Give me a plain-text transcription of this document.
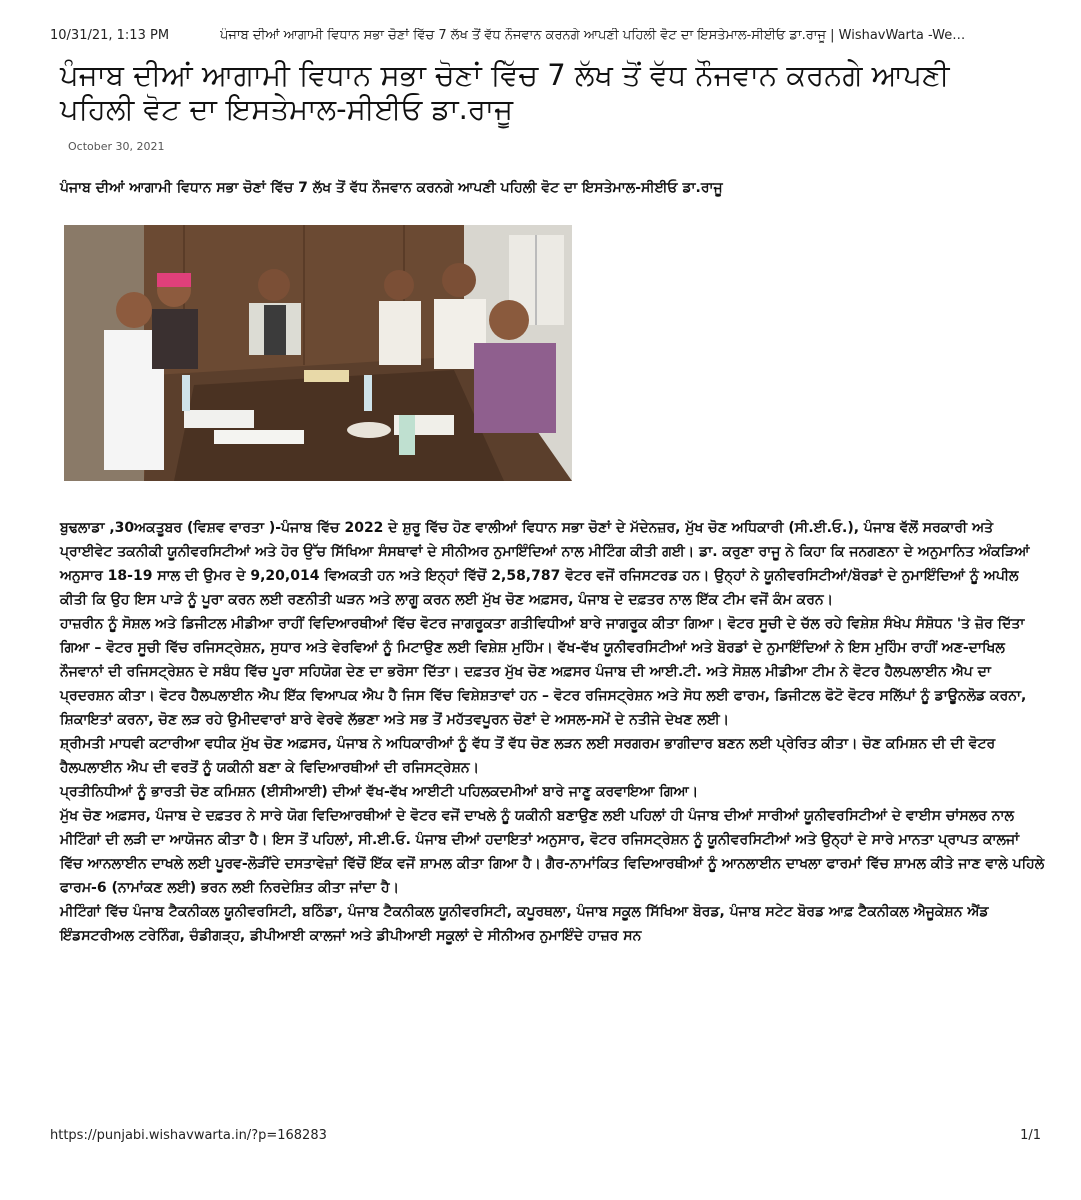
10/31/21, 1:13 PM	ਪੰਜਾਬ ਦੀਆਂ ਆਗਾਮੀ ਵਿਧਾਨ ਸਭਾ ਚੋਣਾਂ ਵਿੱਚ 7 ਲੱਖ ਤੋਂ ਵੱਧ ਨੌਜਵਾਨ ਕਰਨਗੇ ਆਪਣੀ ਪਹਿਲੀ ਵੋਟ ਦਾ ਇਸਤੇਮਾਲ-ਸੀਈਓ ਡਾ.ਰਾਜੂ | WishavWarta -We…
ਪੰਜਾਬ ਦੀਆਂ ਆਗਾਮੀ ਵਿਧਾਨ ਸਭਾ ਚੋਣਾਂ ਵਿੱਚ 7 ਲੱਖ ਤੋਂ ਵੱਧ ਨੌਜਵਾਨ ਕਰਨਗੇ ਆਪਣੀ ਪਹਿਲੀ ਵੋਟ ਦਾ ਇਸਤੇਮਾਲ-ਸੀਈਓ ਡਾ.ਰਾਜੂ
October 30, 2021
ਪੰਜਾਬ ਦੀਆਂ ਆਗਾਮੀ ਵਿਧਾਨ ਸਭਾ ਚੋਣਾਂ ਵਿੱਚ 7 ਲੱਖ ਤੋਂ ਵੱਧ ਨੌਜਵਾਨ ਕਰਨਗੇ ਆਪਣੀ ਪਹਿਲੀ ਵੋਟ ਦਾ ਇਸਤੇਮਾਲ-ਸੀਈਓ ਡਾ.ਰਾਜੂ

ਬੁਢਲਾਡਾ ,30ਅਕਤੂਬਰ (ਵਿਸ਼ਵ ਵਾਰਤਾ )-ਪੰਜਾਬ ਵਿੱਚ 2022 ਦੇ ਸ਼ੁਰੂ ਵਿੱਚ ਹੋਣ ਵਾਲੀਆਂ ਵਿਧਾਨ ਸਭਾ ਚੋਣਾਂ ਦੇ ਮੱਦੇਨਜ਼ਰ, ਮੁੱਖ ਚੋਣ ਅਧਿਕਾਰੀ (ਸੀ.ਈ.ਓ.), ਪੰਜਾਬ ਵੱਲੋਂ ਸਰਕਾਰੀ ਅਤੇ ਪ੍ਰਾਈਵੇਟ ਤਕਨੀਕੀ ਯੂਨੀਵਰਸਿਟੀਆਂ ਅਤੇ ਹੋਰ ਉੱਚ ਸਿੱਖਿਆ ਸੰਸਥਾਵਾਂ ਦੇ ਸੀਨੀਅਰ ਨੁਮਾਇੰਦਿਆਂ ਨਾਲ ਮੀਟਿੰਗ ਕੀਤੀ ਗਈ। ਡਾ. ਕਰੁਣਾ ਰਾਜੂ ਨੇ ਕਿਹਾ ਕਿ ਜਨਗਣਨਾ ਦੇ ਅਨੁਮਾਨਿਤ ਅੰਕੜਿਆਂ ਅਨੁਸਾਰ 18-19 ਸਾਲ ਦੀ ਉਮਰ ਦੇ 9,20,014 ਵਿਅਕਤੀ ਹਨ ਅਤੇ ਇਨ੍ਹਾਂ ਵਿੱਚੋਂ 2,58,787 ਵੋਟਰ ਵਜੋਂ ਰਜਿਸਟਰਡ ਹਨ। ਉਨ੍ਹਾਂ ਨੇ ਯੂਨੀਵਰਸਿਟੀਆਂ/ਬੋਰਡਾਂ ਦੇ ਨੁਮਾਇੰਦਿਆਂ ਨੂੰ ਅਪੀਲ ਕੀਤੀ ਕਿ ਉਹ ਇਸ ਪਾੜੇ ਨੂੰ ਪੂਰਾ ਕਰਨ ਲਈ ਰਣਨੀਤੀ ਘੜਨ ਅਤੇ ਲਾਗੂ ਕਰਨ ਲਈ ਮੁੱਖ ਚੋਣ ਅਫ਼ਸਰ, ਪੰਜਾਬ ਦੇ ਦਫ਼ਤਰ ਨਾਲ ਇੱਕ ਟੀਮ ਵਜੋਂ ਕੰਮ ਕਰਨ।

ਹਾਜ਼ਰੀਨ ਨੂੰ ਸੋਸ਼ਲ ਅਤੇ ਡਿਜੀਟਲ ਮੀਡੀਆ ਰਾਹੀਂ ਵਿਦਿਆਰਥੀਆਂ ਵਿੱਚ ਵੋਟਰ ਜਾਗਰੂਕਤਾ ਗਤੀਵਿਧੀਆਂ ਬਾਰੇ ਜਾਗਰੂਕ ਕੀਤਾ ਗਿਆ। ਵੋਟਰ ਸੂਚੀ ਦੇ ਚੱਲ ਰਹੇ ਵਿਸ਼ੇਸ਼ ਸੰਖੇਪ ਸੰਸ਼ੋਧਨ 'ਤੇ ਜ਼ੋਰ ਦਿੱਤਾ ਗਿਆ – ਵੋਟਰ ਸੂਚੀ ਵਿੱਚ ਰਜਿਸਟ੍ਰੇਸ਼ਨ, ਸੁਧਾਰ ਅਤੇ ਵੇਰਵਿਆਂ ਨੂੰ ਮਿਟਾਉਣ ਲਈ ਵਿਸ਼ੇਸ਼ ਮੁਹਿੰਮ। ਵੱਖ-ਵੱਖ ਯੂਨੀਵਰਸਿਟੀਆਂ ਅਤੇ ਬੋਰਡਾਂ ਦੇ ਨੁਮਾਇੰਦਿਆਂ ਨੇ ਇਸ ਮੁਹਿੰਮ ਰਾਹੀਂ ਅਣ-ਦਾਖਿਲ ਨੌਜਵਾਨਾਂ ਦੀ ਰਜਿਸਟ੍ਰੇਸ਼ਨ ਦੇ ਸਬੰਧ ਵਿੱਚ ਪੂਰਾ ਸਹਿਯੋਗ ਦੇਣ ਦਾ ਭਰੋਸਾ ਦਿੱਤਾ। ਦਫ਼ਤਰ ਮੁੱਖ ਚੋਣ ਅਫ਼ਸਰ ਪੰਜਾਬ ਦੀ ਆਈ.ਟੀ. ਅਤੇ ਸੋਸ਼ਲ ਮੀਡੀਆ ਟੀਮ ਨੇ ਵੋਟਰ ਹੈਲਪਲਾਈਨ ਐਪ ਦਾ ਪ੍ਰਦਰਸ਼ਨ ਕੀਤਾ। ਵੋਟਰ ਹੈਲਪਲਾਈਨ ਐਪ ਇੱਕ ਵਿਆਪਕ ਐਪ ਹੈ ਜਿਸ ਵਿੱਚ ਵਿਸ਼ੇਸ਼ਤਾਵਾਂ ਹਨ – ਵੋਟਰ ਰਜਿਸਟ੍ਰੇਸ਼ਨ ਅਤੇ ਸੋਧ ਲਈ ਫਾਰਮ, ਡਿਜੀਟਲ ਫੋਟੋ ਵੋਟਰ ਸਲਿੱਪਾਂ ਨੂੰ ਡਾਊਨਲੋਡ ਕਰਨਾ, ਸ਼ਿਕਾਇਤਾਂ ਕਰਨਾ, ਚੋਣ ਲੜ ਰਹੇ ਉਮੀਦਵਾਰਾਂ ਬਾਰੇ ਵੇਰਵੇ ਲੱਭਣਾ ਅਤੇ ਸਭ ਤੋਂ ਮਹੱਤਵਪੂਰਨ ਚੋਣਾਂ ਦੇ ਅਸਲ-ਸਮੇਂ ਦੇ ਨਤੀਜੇ ਦੇਖਣ ਲਈ।

ਸ਼੍ਰੀਮਤੀ ਮਾਧਵੀ ਕਟਾਰੀਆ ਵਧੀਕ ਮੁੱਖ ਚੋਣ ਅਫ਼ਸਰ, ਪੰਜਾਬ ਨੇ ਅਧਿਕਾਰੀਆਂ ਨੂੰ ਵੱਧ ਤੋਂ ਵੱਧ ਚੋਣ ਲੜਨ ਲਈ ਸਰਗਰਮ ਭਾਗੀਦਾਰ ਬਣਨ ਲਈ ਪ੍ਰੇਰਿਤ ਕੀਤਾ। ਚੋਣ ਕਮਿਸ਼ਨ ਦੀ ਦੀ ਵੋਟਰ ਹੈਲਪਲਾਈਨ ਐਪ ਦੀ ਵਰਤੋਂ ਨੂੰ ਯਕੀਨੀ ਬਣਾ ਕੇ ਵਿਦਿਆਰਥੀਆਂ ਦੀ ਰਜਿਸਟ੍ਰੇਸ਼ਨ।

ਪ੍ਰਤੀਨਿਧੀਆਂ ਨੂੰ ਭਾਰਤੀ ਚੋਣ ਕਮਿਸ਼ਨ (ਈਸੀਆਈ) ਦੀਆਂ ਵੱਖ-ਵੱਖ ਆਈਟੀ ਪਹਿਲਕਦਮੀਆਂ ਬਾਰੇ ਜਾਣੂ ਕਰਵਾਇਆ ਗਿਆ।

ਮੁੱਖ ਚੋਣ ਅਫ਼ਸਰ, ਪੰਜਾਬ ਦੇ ਦਫ਼ਤਰ ਨੇ ਸਾਰੇ ਯੋਗ ਵਿਦਿਆਰਥੀਆਂ ਦੇ ਵੋਟਰ ਵਜੋਂ ਦਾਖਲੇ ਨੂੰ ਯਕੀਨੀ ਬਣਾਉਣ ਲਈ ਪਹਿਲਾਂ ਹੀ ਪੰਜਾਬ ਦੀਆਂ ਸਾਰੀਆਂ ਯੂਨੀਵਰਸਿਟੀਆਂ ਦੇ ਵਾਈਸ ਚਾਂਸਲਰ ਨਾਲ ਮੀਟਿੰਗਾਂ ਦੀ ਲੜੀ ਦਾ ਆਯੋਜਨ ਕੀਤਾ ਹੈ। ਇਸ ਤੋਂ ਪਹਿਲਾਂ, ਸੀ.ਈ.ਓ. ਪੰਜਾਬ ਦੀਆਂ ਹਦਾਇਤਾਂ ਅਨੁਸਾਰ, ਵੋਟਰ ਰਜਿਸਟ੍ਰੇਸ਼ਨ ਨੂੰ ਯੂਨੀਵਰਸਿਟੀਆਂ ਅਤੇ ਉਨ੍ਹਾਂ ਦੇ ਸਾਰੇ ਮਾਨਤਾ ਪ੍ਰਾਪਤ ਕਾਲਜਾਂ ਵਿੱਚ ਆਨਲਾਈਨ ਦਾਖਲੇ ਲਈ ਪੂਰਵ-ਲੋੜੀਂਦੇ ਦਸਤਾਵੇਜ਼ਾਂ ਵਿੱਚੋਂ ਇੱਕ ਵਜੋਂ ਸ਼ਾਮਲ ਕੀਤਾ ਗਿਆ ਹੈ। ਗੈਰ-ਨਾਮਾਂਕਿਤ ਵਿਦਿਆਰਥੀਆਂ ਨੂੰ ਆਨਲਾਈਨ ਦਾਖਲਾ ਫਾਰਮਾਂ ਵਿੱਚ ਸ਼ਾਮਲ ਕੀਤੇ ਜਾਣ ਵਾਲੇ ਪਹਿਲੇ ਫਾਰਮ-6 (ਨਾਮਾਂਕਣ ਲਈ) ਭਰਨ ਲਈ ਨਿਰਦੇਸ਼ਿਤ ਕੀਤਾ ਜਾਂਦਾ ਹੈ।

ਮੀਟਿੰਗਾਂ ਵਿੱਚ ਪੰਜਾਬ ਟੈਕਨੀਕਲ ਯੂਨੀਵਰਸਿਟੀ, ਬਠਿੰਡਾ, ਪੰਜਾਬ ਟੈਕਨੀਕਲ ਯੂਨੀਵਰਸਿਟੀ, ਕਪੂਰਥਲਾ, ਪੰਜਾਬ ਸਕੂਲ ਸਿੱਖਿਆ ਬੋਰਡ, ਪੰਜਾਬ ਸਟੇਟ ਬੋਰਡ ਆਫ਼ ਟੈਕਨੀਕਲ ਐਜੂਕੇਸ਼ਨ ਐਂਡ ਇੰਡਸਟਰੀਅਲ ਟਰੇਨਿੰਗ, ਚੰਡੀਗੜ੍ਹ, ਡੀਪੀਆਈ ਕਾਲਜਾਂ ਅਤੇ ਡੀਪੀਆਈ ਸਕੂਲਾਂ ਦੇ ਸੀਨੀਅਰ ਨੁਮਾਇੰਦੇ ਹਾਜ਼ਰ ਸਨ

https://punjabi.wishavwarta.in/?p=168283	1/1
